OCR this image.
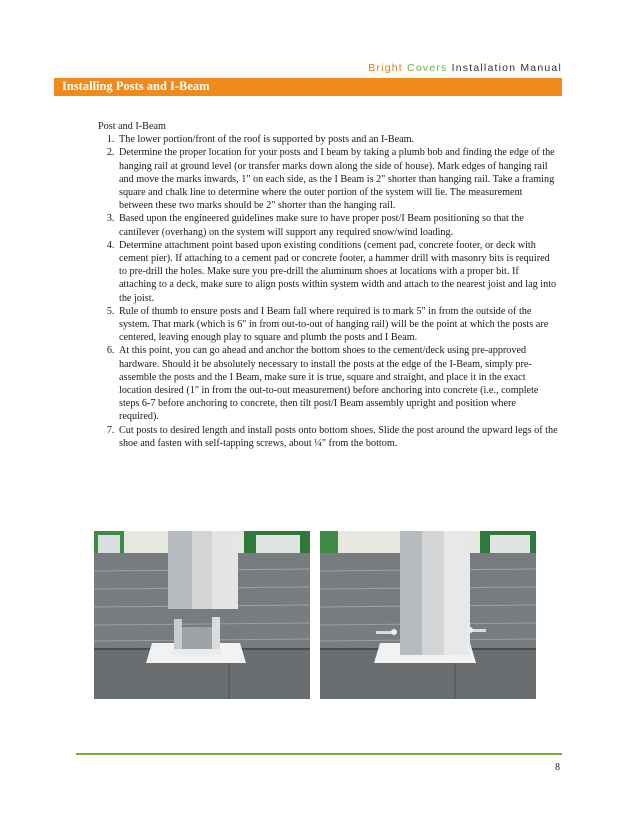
Bright Covers Installation Manual
Installing Posts and I-Beam
Post and I-Beam
1. The lower portion/front of the roof is supported by posts and an I-Beam.
2. Determine the proper location for your posts and I beam by taking a plumb bob and finding the edge of the hanging rail at ground level (or transfer marks down along the side of house). Mark edges of hanging rail and move the marks inwards, 1" on each side, as the I Beam is 2" shorter than hanging rail. Take a framing square and chalk line to determine where the outer portion of the system will lie. The measurement between these two marks should be 2" shorter than the hanging rail.
3. Based upon the engineered guidelines make sure to have proper post/I Beam positioning so that the cantilever (overhang) on the system will support any required snow/wind loading.
4. Determine attachment point based upon existing conditions (cement pad, concrete footer, or deck with cement pier). If attaching to a cement pad or concrete footer, a hammer drill with masonry bits is required to pre-drill the holes. Make sure you pre-drill the aluminum shoes at locations with a proper bit. If attaching to a deck, make sure to align posts within system width and attach to the nearest joist and lag into the joist.
5. Rule of thumb to ensure posts and I Beam fall where required is to mark 5" in from the outside of the system. That mark (which is 6" in from out-to-out of hanging rail) will be the point at which the posts are centered, leaving enough play to square and plumb the posts and I Beam.
6. At this point, you can go ahead and anchor the bottom shoes to the cement/deck using pre-approved hardware. Should it be absolutely necessary to install the posts at the edge of the I-Beam, simply pre-assemble the posts and the I Beam, make sure it is true, square and straight, and place it in the exact location desired (1" in from the out-to-out measurement) before anchoring into concrete (i.e., complete steps 6-7 before anchoring to concrete, then tilt post/I Beam assembly upright and position where required).
7. Cut posts to desired length and install posts onto bottom shoes. Slide the post around the upward legs of the shoe and fasten with self-tapping screws, about ¼" from the bottom.
8
